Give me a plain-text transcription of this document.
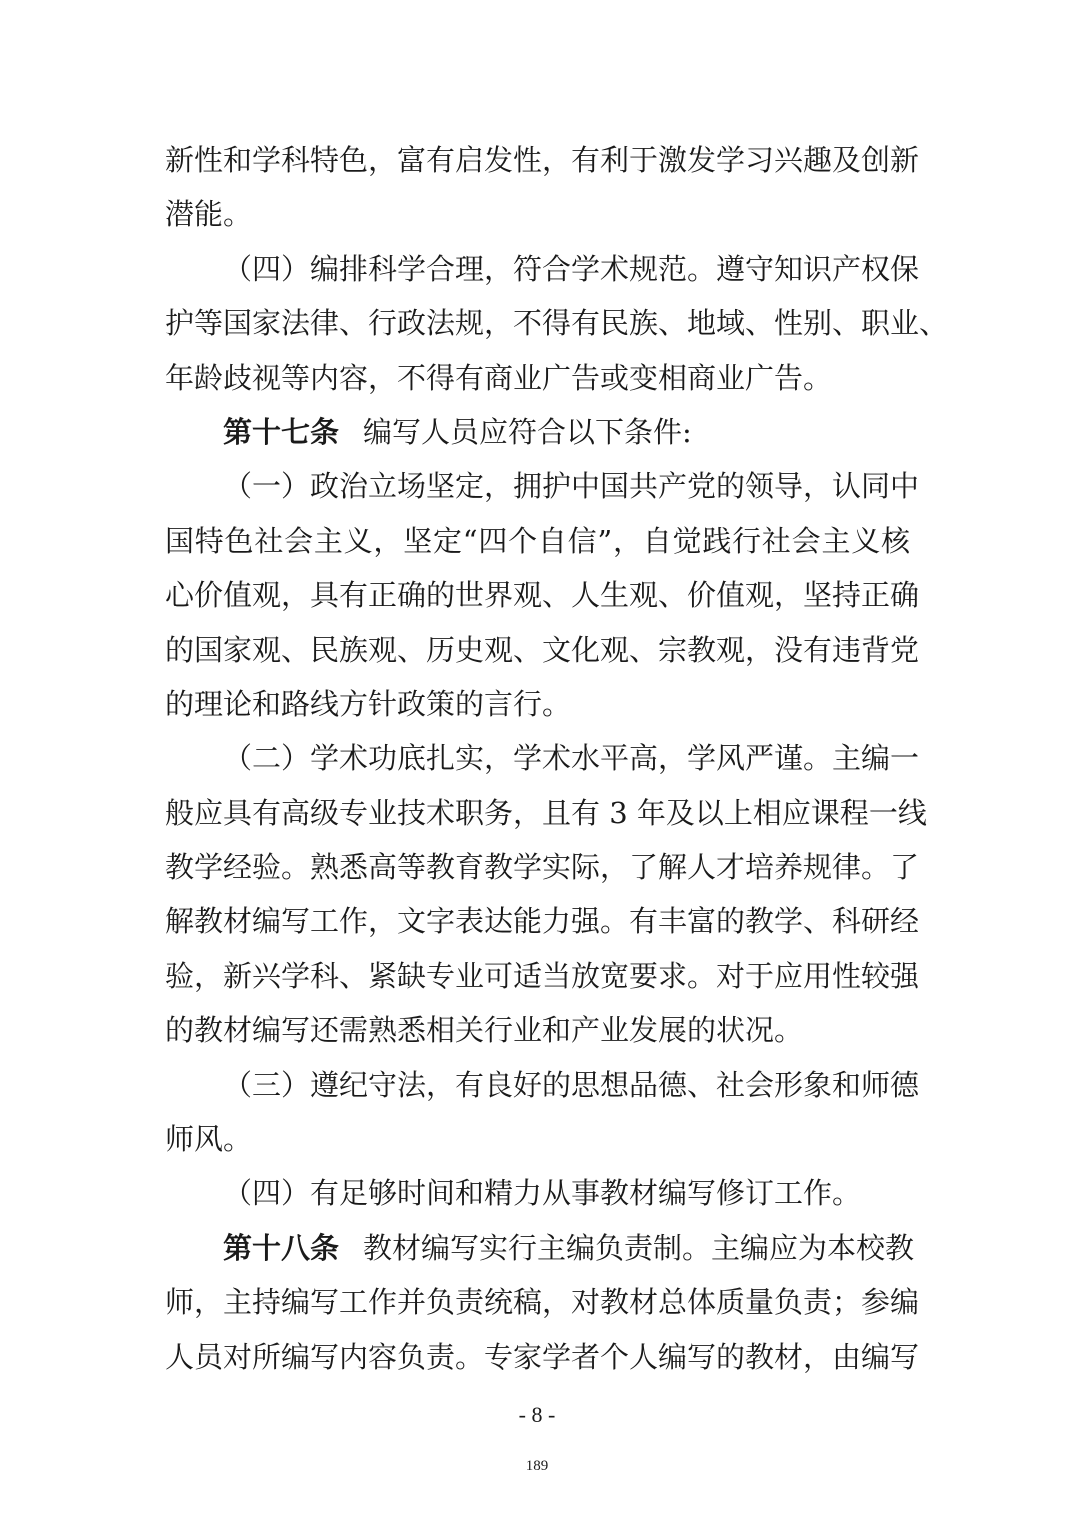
新性和学科特色，富有启发性，有利于激发学习兴趣及创新
潜能。
（四）编排科学合理，符合学术规范。遵守知识产权保
护等国家法律、行政法规，不得有民族、地域、性别、职业、
年龄歧视等内容，不得有商业广告或变相商业广告。
第十七条 编写人员应符合以下条件:
（一）政治立场坚定，拥护中国共产党的领导，认同中
国特色社会主义，坚定“四个自信”，自觉践行社会主义核
心价值观，具有正确的世界观、人生观、价值观，坚持正确
的国家观、民族观、历史观、文化观、宗教观，没有违背党
的理论和路线方针政策的言行。
（二）学术功底扎实，学术水平高，学风严谨。主编一
般应具有高级专业技术职务，且有 3 年及以上相应课程一线
教学经验。熟悉高等教育教学实际，了解人才培养规律。了
解教材编写工作，文字表达能力强。有丰富的教学、科研经
验，新兴学科、紧缺专业可适当放宽要求。对于应用性较强
的教材编写还需熟悉相关行业和产业发展的状况。
（三）遵纪守法，有良好的思想品德、社会形象和师德
师风。
（四）有足够时间和精力从事教材编写修订工作。
第十八条 教材编写实行主编负责制。主编应为本校教
师，主持编写工作并负责统稿，对教材总体质量负责；参编
人员对所编写内容负责。专家学者个人编写的教材，由编写
- 8 -
189
